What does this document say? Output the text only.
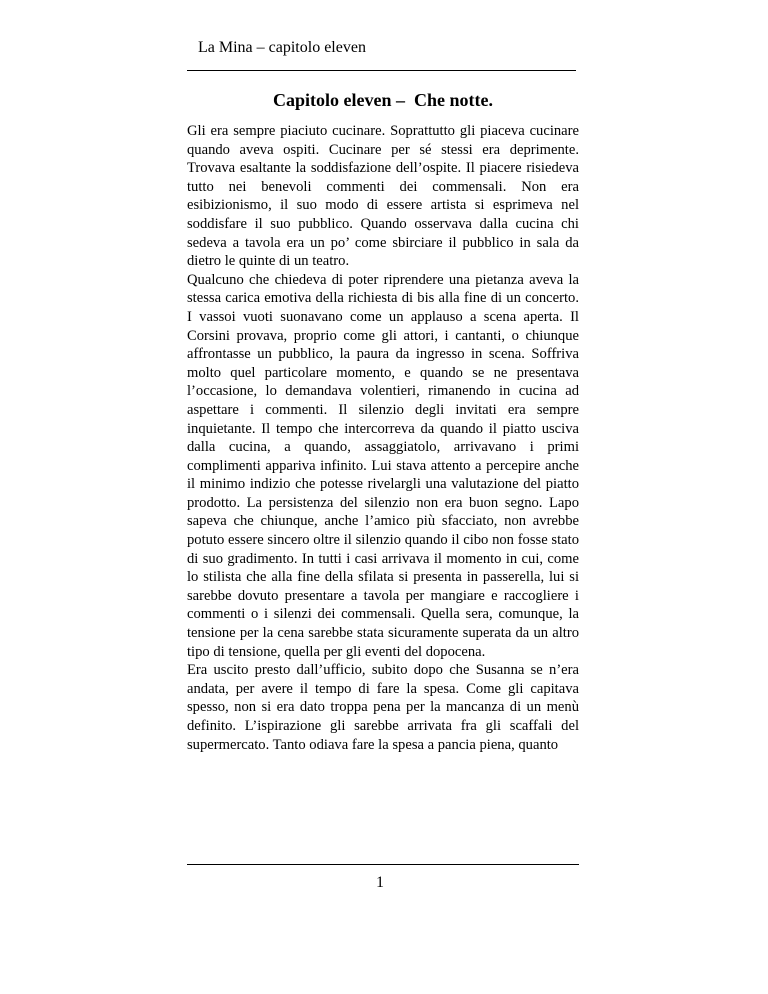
La Mina – capitolo eleven
Capitolo eleven –  Che notte.

Gli era sempre piaciuto cucinare. Soprattutto gli piaceva cucinare quando aveva ospiti. Cucinare per sé stessi era deprimente. Trovava esaltante la soddisfazione dell’ospite. Il piacere risiedeva tutto nei benevoli commenti dei commensali. Non era esibizionismo, il suo modo di essere artista si esprimeva nel soddisfare il suo pubblico. Quando osservava dalla cucina chi sedeva a tavola era un po’ come sbirciare il pubblico in sala da dietro le quinte di un teatro.

Qualcuno che chiedeva di poter riprendere una pietanza aveva la stessa carica emotiva della richiesta di bis alla fine di un concerto. I vassoi vuoti suonavano come un applauso a scena aperta. Il Corsini provava, proprio come gli attori, i cantanti, o chiunque affrontasse un pubblico, la paura da ingresso in scena. Soffriva molto quel particolare momento, e quando se ne presentava l’occasione, lo demandava volentieri, rimanendo in cucina ad aspettare i commenti. Il silenzio degli invitati era sempre inquietante. Il tempo che intercorreva da quando il piatto usciva dalla cucina, a quando, assaggiatolo, arrivavano i primi complimenti appariva infinito. Lui stava attento a percepire anche il minimo indizio che potesse rivelargli una valutazione del piatto prodotto. La persistenza del silenzio non era buon segno. Lapo sapeva che chiunque, anche l’amico più sfacciato, non avrebbe potuto essere sincero oltre il silenzio quando il cibo non fosse stato di suo gradimento. In tutti i casi arrivava il momento in cui, come lo stilista che alla fine della sfilata si presenta in passerella, lui si sarebbe dovuto presentare a tavola per mangiare e raccogliere i commenti o i silenzi dei commensali. Quella sera, comunque, la tensione per la cena sarebbe stata sicuramente superata da un altro tipo di tensione, quella per gli eventi del dopocena.

Era uscito presto dall’ufficio, subito dopo che Susanna se n’era andata, per avere il tempo di fare la spesa. Come gli capitava spesso, non si era dato troppa pena per la mancanza di un menù definito. L’ispirazione gli sarebbe arrivata fra gli scaffali del supermercato. Tanto odiava fare la spesa a pancia piena, quanto

1
